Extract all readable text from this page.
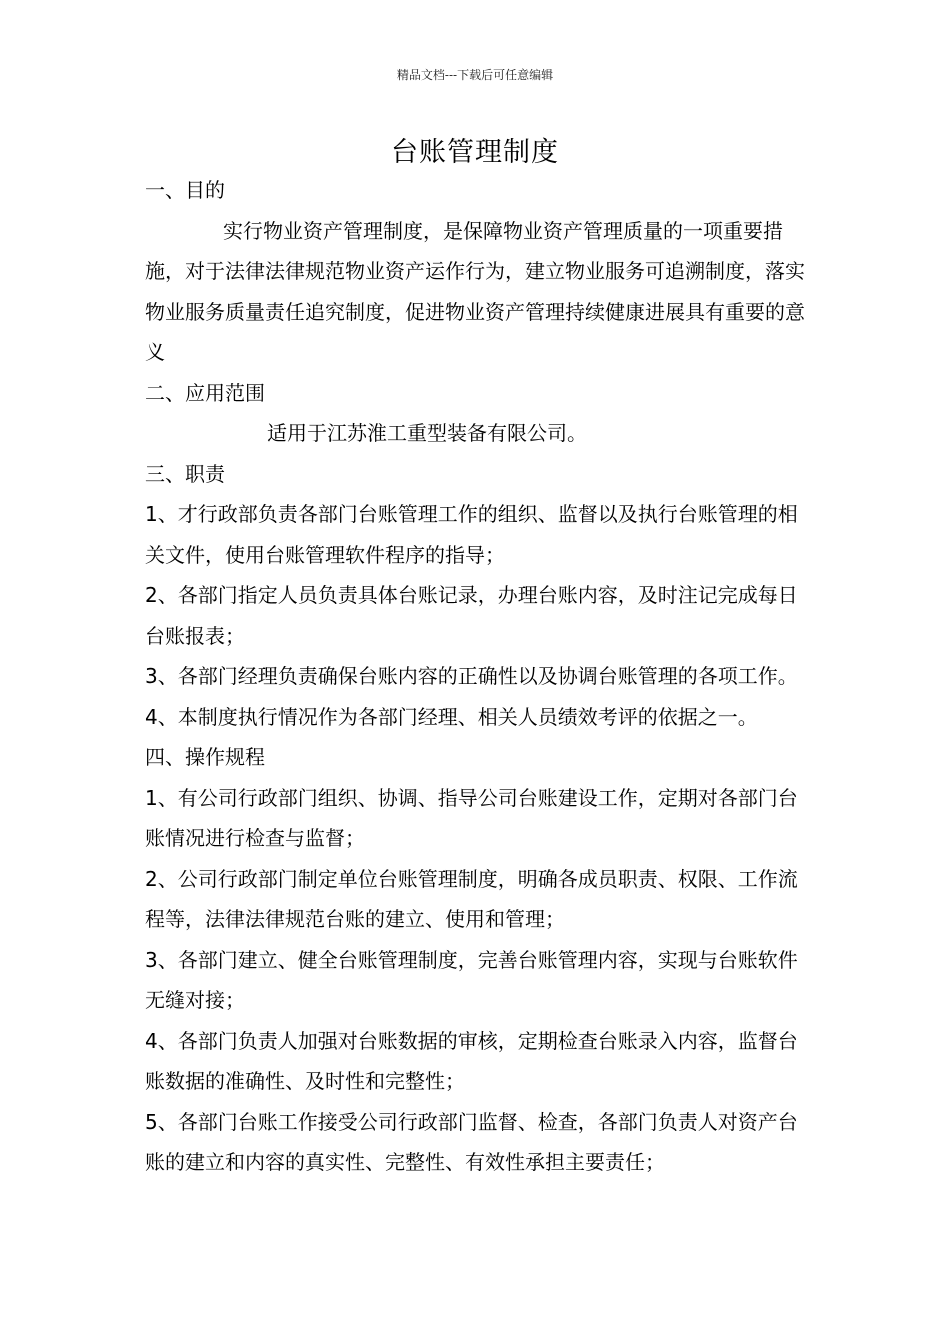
精品文档---下载后可任意编辑
台账管理制度

一、目的

实行物业资产管理制度，是保障物业资产管理质量的一项重要措施，对于法律法律规范物业资产运作行为，建立物业服务可追溯制度，落实物业服务质量责任追究制度，促进物业资产管理持续健康进展具有重要的意义

二、应用范围

适用于江苏淮工重型装备有限公司。

三、职责

1、才行政部负责各部门台账管理工作的组织、监督以及执行台账管理的相关文件，使用台账管理软件程序的指导；

2、各部门指定人员负责具体台账记录，办理台账内容，及时注记完成每日台账报表；

3、各部门经理负责确保台账内容的正确性以及协调台账管理的各项工作。

4、本制度执行情况作为各部门经理、相关人员绩效考评的依据之一。

四、操作规程

1、有公司行政部门组织、协调、指导公司台账建设工作，定期对各部门台账情况进行检查与监督；

2、公司行政部门制定单位台账管理制度，明确各成员职责、权限、工作流程等，法律法律规范台账的建立、使用和管理；

3、各部门建立、健全台账管理制度，完善台账管理内容，实现与台账软件无缝对接；

4、各部门负责人加强对台账数据的审核，定期检查台账录入内容，监督台账数据的准确性、及时性和完整性；

5、各部门台账工作接受公司行政部门监督、检查，各部门负责人对资产台账的建立和内容的真实性、完整性、有效性承担主要责任；
